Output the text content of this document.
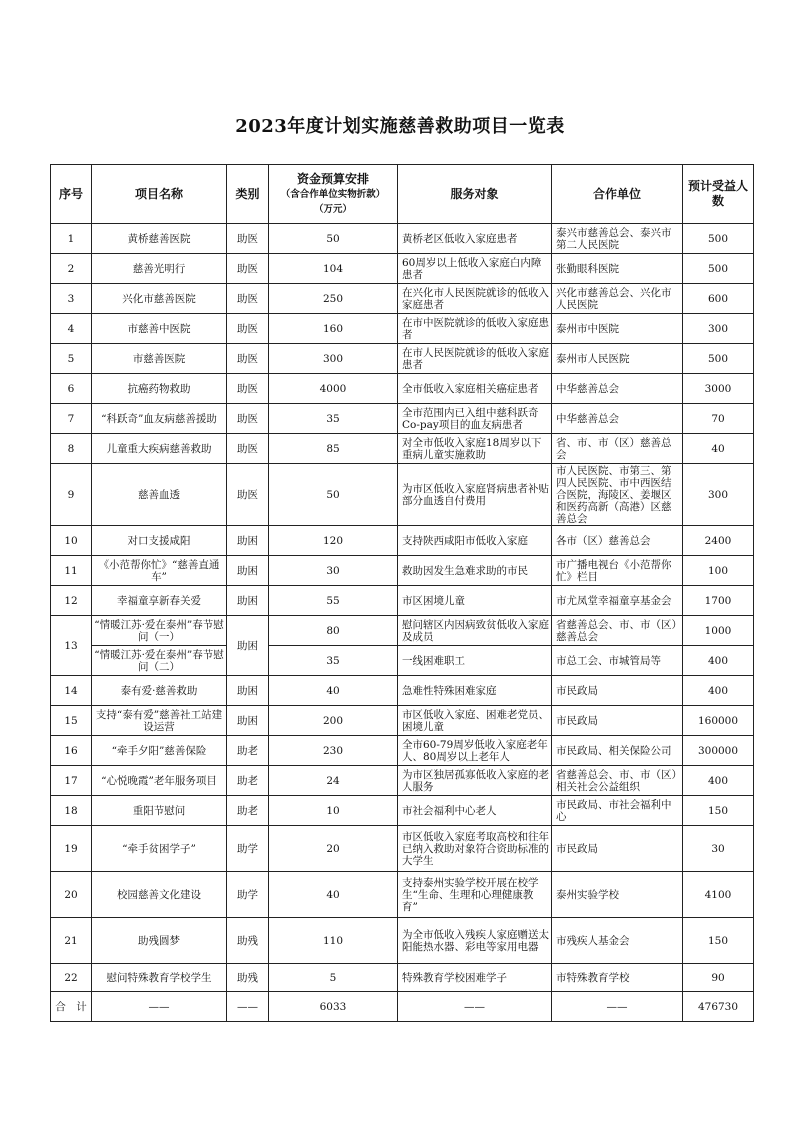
2023年度计划实施慈善救助项目一览表
序号	项目名称	类别	资金预算安排
（含合作单位实物折款）
（万元）	服务对象	合作单位	预计受益人数
1	黄桥慈善医院	助医	50	黄桥老区低收入家庭患者	泰兴市慈善总会、泰兴市第二人民医院	500
2	慈善光明行	助医	104	60周岁以上低收入家庭白内障患者	张勤眼科医院	500
3	兴化市慈善医院	助医	250	在兴化市人民医院就诊的低收入家庭患者	兴化市慈善总会、兴化市人民医院	600
4	市慈善中医院	助医	160	在市中医院就诊的低收入家庭患者	泰州市中医院	300
5	市慈善医院	助医	300	在市人民医院就诊的低收入家庭患者	泰州市人民医院	500
6	抗癌药物救助	助医	4000	全市低收入家庭相关癌症患者	中华慈善总会	3000
7	“科跃奇”血友病慈善援助	助医	35	全市范围内已入组中慈科跃奇Co-pay项目的血友病患者	中华慈善总会	70
8	儿童重大疾病慈善救助	助医	85	对全市低收入家庭18周岁以下重病儿童实施救助	省、市、市（区）慈善总会	40
9	慈善血透	助医	50	为市区低收入家庭肾病患者补贴部分血透自付费用	市人民医院、市第三、第四人民医院、市中西医结合医院，海陵区、姜堰区和医药高新（高港）区慈善总会	300
10	对口支援咸阳	助困	120	支持陕西咸阳市低收入家庭	各市（区）慈善总会	2400
11	《小范帮你忙》“慈善直通车”	助困	30	救助因发生急难求助的市民	市广播电视台《小范帮你忙》栏目	100
12	幸福童享新春关爱	助困	55	市区困境儿童	市尤凤堂幸福童享基金会	1700
13	“情暖江苏·爱在泰州”春节慰问（一）	助困	80	慰问辖区内因病致贫低收入家庭及成员	省慈善总会、市、市（区）慈善总会	1000
	“情暖江苏·爱在泰州”春节慰问（二）		35	一线困难职工	市总工会、市城管局等	400
14	泰有爱·慈善救助	助困	40	急难性特殊困难家庭	市民政局	400
15	支持“泰有爱”慈善社工站建设运营	助困	200	市区低收入家庭、困难老党员、困境儿童	市民政局	160000
16	“牵手夕阳”慈善保险	助老	230	全市60-79周岁低收入家庭老年人、80周岁以上老年人	市民政局、相关保险公司	300000
17	“心悦晚霞”老年服务项目	助老	24	为市区独居孤寡低收入家庭的老人服务	省慈善总会、市、市（区）相关社会公益组织	400
18	重阳节慰问	助老	10	市社会福利中心老人	市民政局、市社会福利中心	150
19	“牵手贫困学子”	助学	20	市区低收入家庭考取高校和往年已纳入救助对象符合资助标准的大学生	市民政局	30
20	校园慈善文化建设	助学	40	支持泰州实验学校开展在校学生“生命、生理和心理健康教育”	泰州实验学校	4100
21	助残圆梦	助残	110	为全市低收入残疾人家庭赠送太阳能热水器、彩电等家用电器	市残疾人基金会	150
22	慰问特殊教育学校学生	助残	5	特殊教育学校困难学子	市特殊教育学校	90
合　计	——	——	6033	——	——	476730
